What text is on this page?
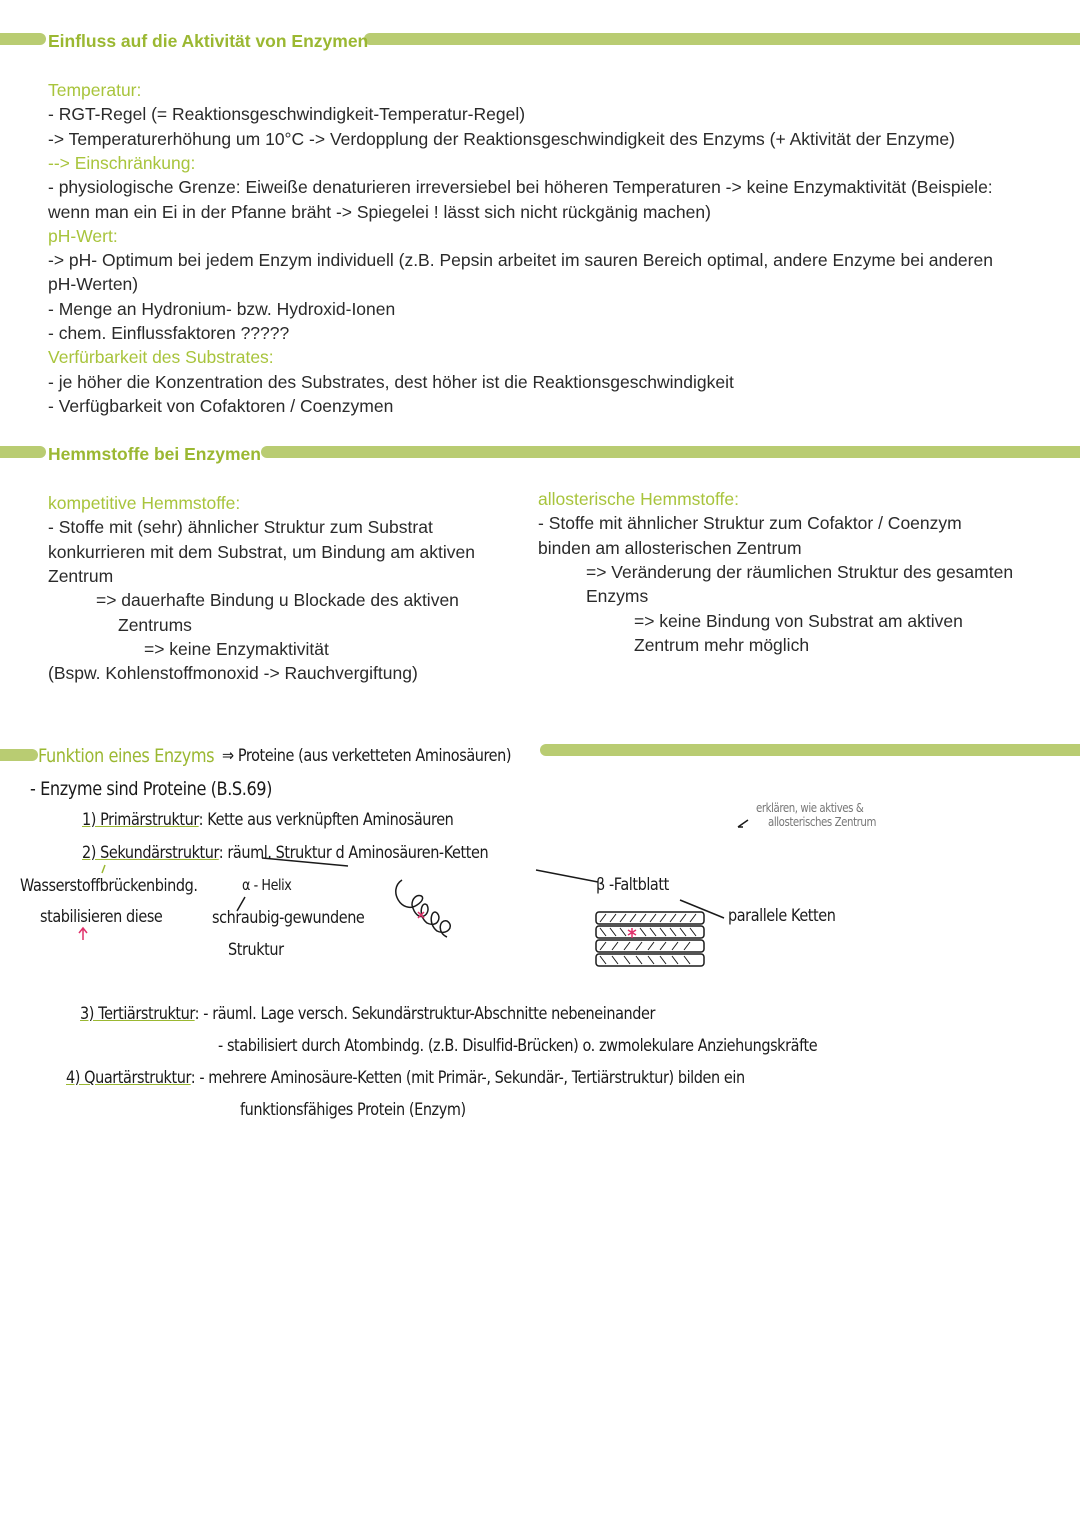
Einfluss auf die Aktivität von Enzymen
Temperatur:
- RGT-Regel (= Reaktionsgeschwindigkeit-Temperatur-Regel)
-> Temperaturerhöhung um 10°C -> Verdopplung der Reaktionsgeschwindigkeit des Enzyms (+ Aktivität der Enzyme)
--> Einschränkung:
- physiologische Grenze: Eiweiße denaturieren irreversiebel bei höheren Temperaturen -> keine Enzymaktivität (Beispiele:
wenn man ein Ei in der Pfanne bräht -> Spiegelei ! lässt sich nicht rückgänig machen)
pH-Wert:
-> pH- Optimum bei jedem Enzym individuell (z.B. Pepsin arbeitet im sauren Bereich optimal, andere Enzyme bei anderen
pH-Werten)
- Menge an Hydronium- bzw. Hydroxid-Ionen
- chem. Einflussfaktoren ?????
Verfürbarkeit des Substrates:
- je höher die Konzentration des Substrates, dest höher ist die Reaktionsgeschwindigkeit
- Verfügbarkeit von Cofaktoren / Coenzymen
Hemmstoffe bei Enzymen
kompetitive Hemmstoffe:
- Stoffe mit (sehr) ähnlicher Struktur zum Substrat
konkurrieren mit dem Substrat, um Bindung am aktiven
Zentrum
=> dauerhafte Bindung u Blockade des aktiven
Zentrums
=> keine Enzymaktivität
(Bspw. Kohlenstoffmonoxid -> Rauchvergiftung)
allosterische Hemmstoffe:
- Stoffe mit ähnlicher Struktur zum Cofaktor / Coenzym
binden am allosterischen Zentrum
=> Veränderung der räumlichen Struktur des gesamten
Enzyms
=> keine Bindung von Substrat am aktiven
Zentrum mehr möglich
Funktion eines Enzyms ⇒ Proteine (aus verketteten Aminosäuren)
- Enzyme sind Proteine (B.S.69)
1) Primärstruktur: Kette aus verknüpften Aminosäuren
2) Sekundärstruktur: räuml. Struktur d Aminosäuren-Ketten
Wasserstoffbrückenbindg.
stabilisieren diese
α - Helix
schraubig-gewundene
Struktur
β -Faltblatt
parallele Ketten
erklären, wie aktives &
allosterisches Zentrum
3) Tertiärstruktur: - räuml. Lage versch. Sekundärstruktur-Abschnitte nebeneinander
- stabilisiert durch Atombindg. (z.B. Disulfid-Brücken) o. zwmolekulare Anziehungskräfte
4) Quartärstruktur: - mehrere Aminosäure-Ketten (mit Primär-, Sekundär-, Tertiärstruktur) bilden ein
funktionsfähiges Protein (Enzym)
